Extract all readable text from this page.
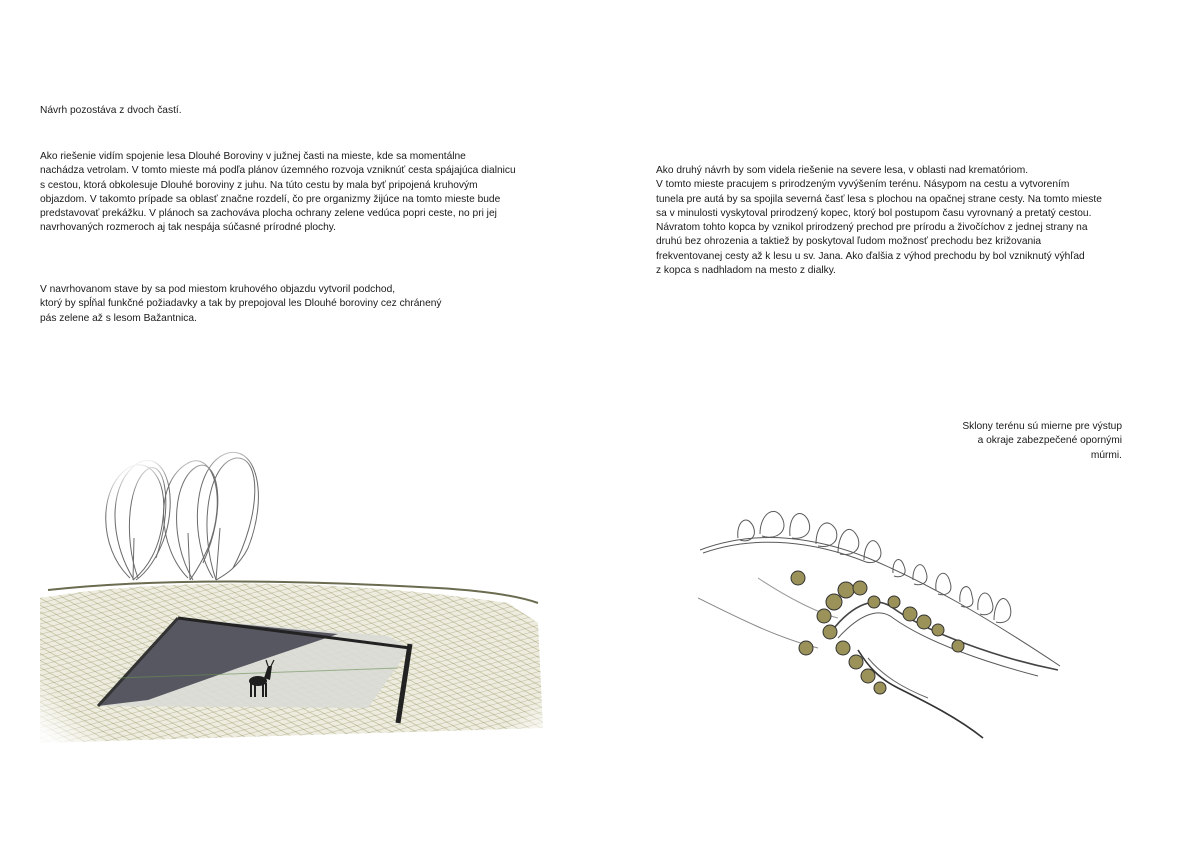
Návrh pozostáva z dvoch častí.
Ako riešenie vidím spojenie lesa Dlouhé Boroviny v južnej časti na mieste, kde sa momentálne
nachádza vetrolam. V tomto mieste má podľa plánov územného rozvoja vzniknúť cesta spájajúca dialnicu
s cestou, ktorá obkolesuje Dlouhé boroviny z juhu. Na túto cestu by mala byť pripojená kruhovým
objazdom. V takomto prípade sa oblasť značne rozdelí, čo pre organizmy žijúce na tomto mieste bude
predstavovať prekážku. V plánoch sa zachováva plocha ochrany zelene vedúca popri ceste, no pri jej
navrhovaných rozmeroch aj tak nespája súčasné prírodné plochy.
V navrhovanom stave by sa pod miestom kruhového objazdu vytvoril podchod,
ktorý by spĺňal funkčné požiadavky a tak by prepojoval les Dlouhé boroviny cez chránený
pás zelene až s lesom Bažantnica.
Ako druhý návrh by som videla riešenie na severe lesa, v oblasti nad krematóriom.
V tomto mieste pracujem s prirodzeným vyvýšením terénu. Násypom na cestu a vytvorením
tunela pre autá by sa spojila severná časť lesa s plochou na opačnej strane cesty. Na tomto mieste
sa v minulosti vyskytoval prirodzený kopec, ktorý bol postupom času vyrovnaný a pretatý cestou.
Návratom tohto kopca by vznikol prirodzený prechod pre prírodu a živočíchov z jednej strany na
druhú bez ohrozenia a taktiež by poskytoval ľudom možnosť prechodu bez križovania
frekventovanej cesty až k lesu u sv. Jana. Ako ďalšia z výhod prechodu by bol vzniknutý výhľad
z kopca s nadhladom na mesto z dialky.
Sklony terénu sú mierne pre výstup
a okraje zabezpečené opornými
múrmi.
